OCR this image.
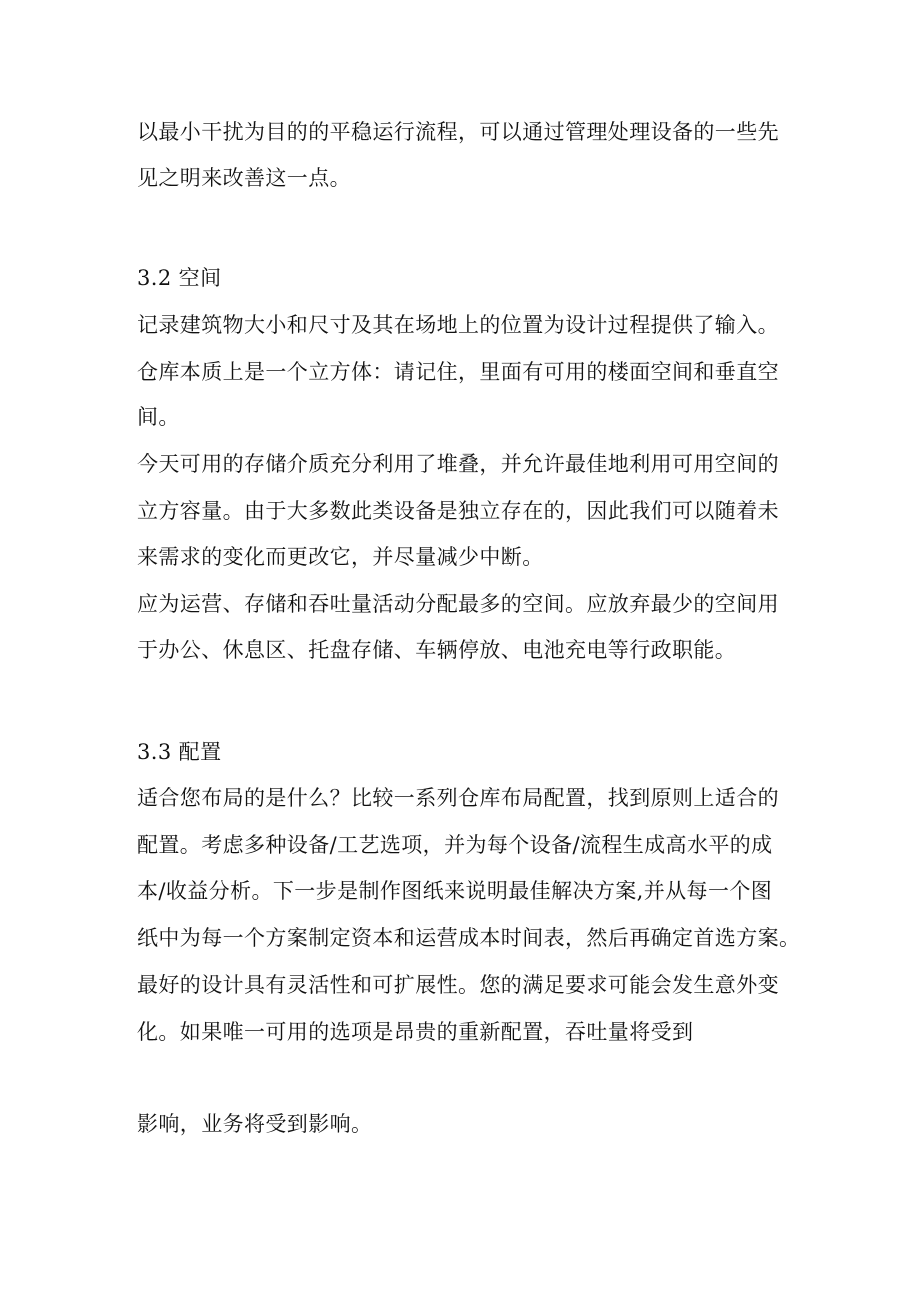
以最小干扰为目的的平稳运行流程，可以通过管理处理设备的一些先
见之明来改善这一点。
3.2 空间
记录建筑物大小和尺寸及其在场地上的位置为设计过程提供了输入。
仓库本质上是一个立方体：请记住，里面有可用的楼面空间和垂直空
间。
今天可用的存储介质充分利用了堆叠，并允许最佳地利用可用空间的
立方容量。由于大多数此类设备是独立存在的，因此我们可以随着未
来需求的变化而更改它，并尽量减少中断。
应为运营、存储和吞吐量活动分配最多的空间。应放弃最少的空间用
于办公、休息区、托盘存储、车辆停放、电池充电等行政职能。
3.3 配置
适合您布局的是什么？比较一系列仓库布局配置，找到原则上适合的
配置。考虑多种设备/工艺选项，并为每个设备/流程生成高水平的成
本/收益分析。下一步是制作图纸来说明最佳解决方案,并从每一个图
纸中为每一个方案制定资本和运营成本时间表，然后再确定首选方案。
最好的设计具有灵活性和可扩展性。您的满足要求可能会发生意外变
化。如果唯一可用的选项是昂贵的重新配置，吞吐量将受到
影响，业务将受到影响。
